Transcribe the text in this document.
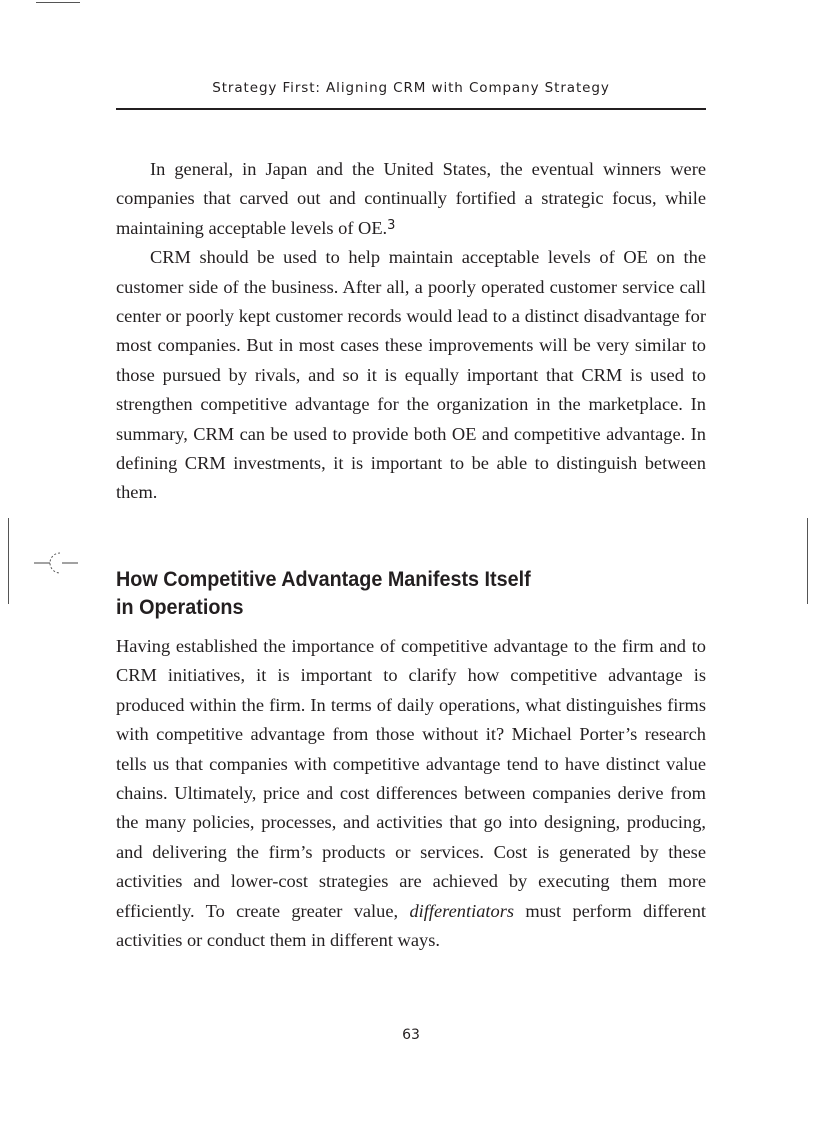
Strategy First: Aligning CRM with Company Strategy

In general, in Japan and the United States, the eventual winners were companies that carved out and continually fortified a strategic focus, while maintaining acceptable levels of OE.$^3$

CRM should be used to help maintain acceptable levels of OE on the customer side of the business. After all, a poorly operated customer service call center or poorly kept customer records would lead to a distinct disadvantage for most companies. But in most cases these improvements will be very similar to those pursued by rivals, and so it is equally important that CRM is used to strengthen competitive advantage for the organization in the marketplace. In summary, CRM can be used to provide both OE and competitive advantage. In defining CRM investments, it is important to be able to distinguish between them.

How Competitive Advantage Manifests Itself
in Operations

Having established the importance of competitive advantage to the firm and to CRM initiatives, it is important to clarify how competitive advantage is produced within the firm. In terms of daily operations, what distinguishes firms with competitive advantage from those without it? Michael Porter’s research tells us that companies with competitive advantage tend to have distinct value chains. Ultimately, price and cost differences between companies derive from the many policies, processes, and activities that go into designing, producing, and delivering the firm’s products or services. Cost is generated by these activities and lower-cost strategies are achieved by executing them more efficiently. To create greater value, differentiators must perform different activities or conduct them in different ways.

63
